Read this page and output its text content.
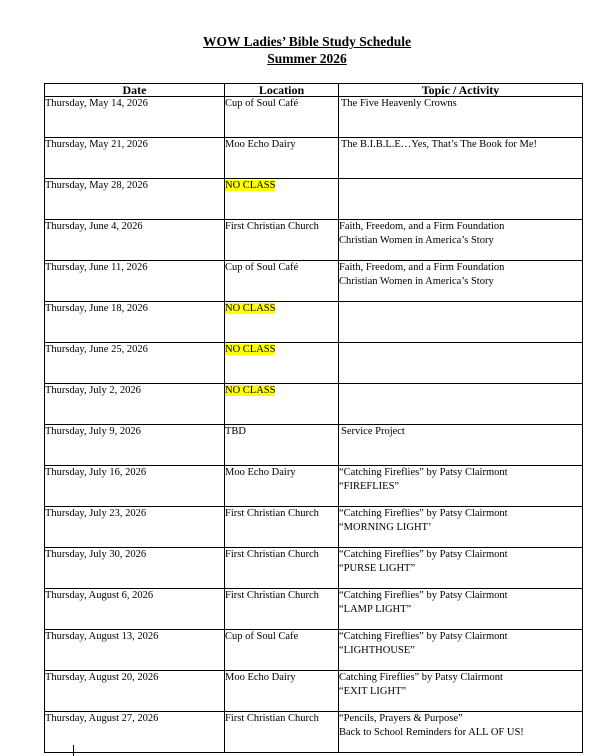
WOW Ladies’ Bible Study Schedule
Summer 2026
Date	Location	Topic / Activity
Thursday, May 14, 2026	Cup of Soul Café	The Five Heavenly Crowns

Thursday, May 21, 2026	Moo Echo Dairy	The B.I.B.L.E…Yes, That’s The Book for Me!

Thursday, May 28, 2026	NO CLASS	

Thursday, June 4, 2026	First Christian Church	Faith, Freedom, and a Firm Foundation
Christian Women in America’s Story

Thursday, June 11, 2026	Cup of Soul Café	Faith, Freedom, and a Firm Foundation
Christian Women in America’s Story

Thursday, June 18, 2026	NO CLASS	

Thursday, June 25, 2026	NO CLASS	

Thursday, July 2, 2026	NO CLASS	

Thursday, July 9, 2026	TBD	Service Project

Thursday, July 16, 2026	Moo Echo Dairy	“Catching Fireflies” by Patsy Clairmont
“FIREFLIES”

Thursday, July 23, 2026	First Christian Church	“Catching Fireflies” by Patsy Clairmont
“MORNING LIGHT’

Thursday, July 30, 2026	First Christian Church	“Catching Fireflies” by Patsy Clairmont
“PURSE LIGHT”

Thursday, August 6, 2026	First Christian Church	“Catching Fireflies” by Patsy Clairmont
“LAMP LIGHT”

Thursday, August 13, 2026	Cup of Soul Cafe	“Catching Fireflies” by Patsy Clairmont
“LIGHTHOUSE”

Thursday, August 20, 2026	Moo Echo Dairy	Catching Fireflies” by Patsy Clairmont
“EXIT LIGHT”

Thursday, August 27, 2026	First Christian Church	“Pencils, Prayers & Purpose”
Back to School Reminders for ALL OF US!
